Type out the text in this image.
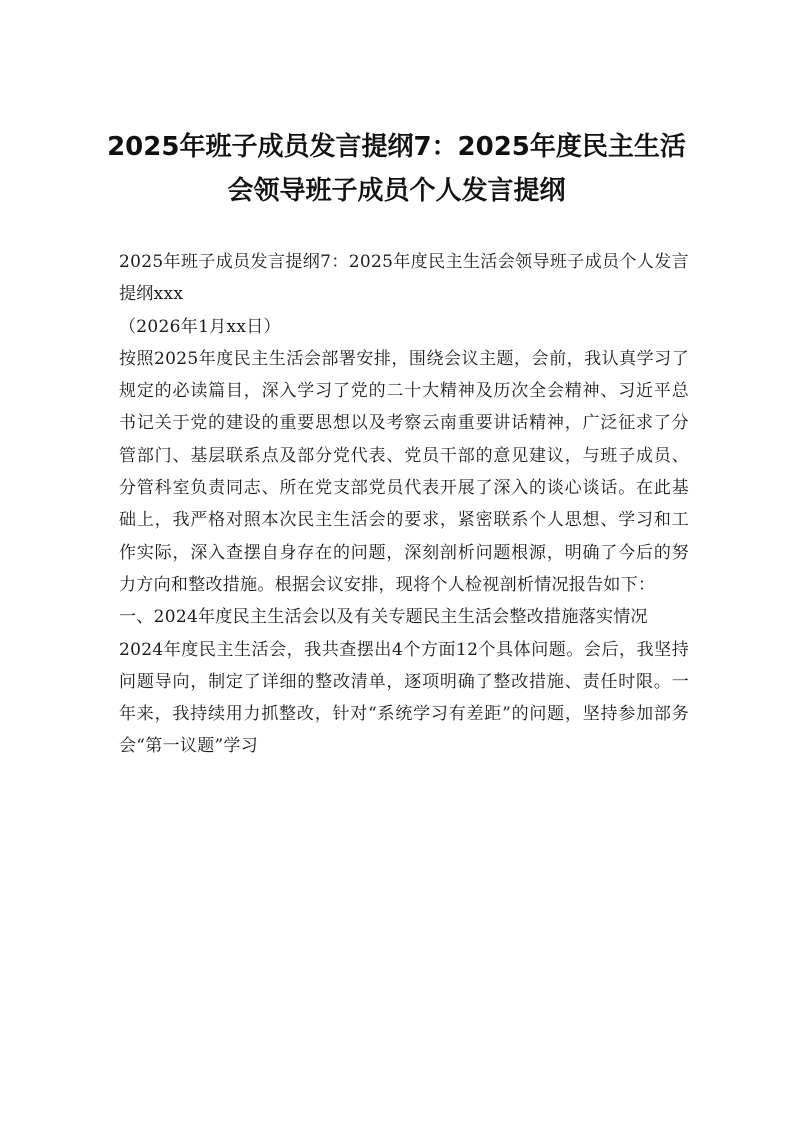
2025年班子成员发言提纲7：2025年度民主生活会领导班子成员个人发言提纲

2025年班子成员发言提纲7：2025年度民主生活会领导班子成员个人发言提纲xxx

（2026年1月xx日）

按照2025年度民主生活会部署安排，围绕会议主题，会前，我认真学习了规定的必读篇目，深入学习了党的二十大精神及历次全会精神、习近平总书记关于党的建设的重要思想以及考察云南重要讲话精神，广泛征求了分管部门、基层联系点及部分党代表、党员干部的意见建议，与班子成员、分管科室负责同志、所在党支部党员代表开展了深入的谈心谈话。在此基础上，我严格对照本次民主生活会的要求，紧密联系个人思想、学习和工作实际，深入查摆自身存在的问题，深刻剖析问题根源，明确了今后的努力方向和整改措施。根据会议安排，现将个人检视剖析情况报告如下：

一、2024年度民主生活会以及有关专题民主生活会整改措施落实情况

2024年度民主生活会，我共查摆出4个方面12个具体问题。会后，我坚持问题导向，制定了详细的整改清单，逐项明确了整改措施、责任时限。一年来，我持续用力抓整改，针对“系统学习有差距”的问题，坚持参加部务会“第一议题”学习
